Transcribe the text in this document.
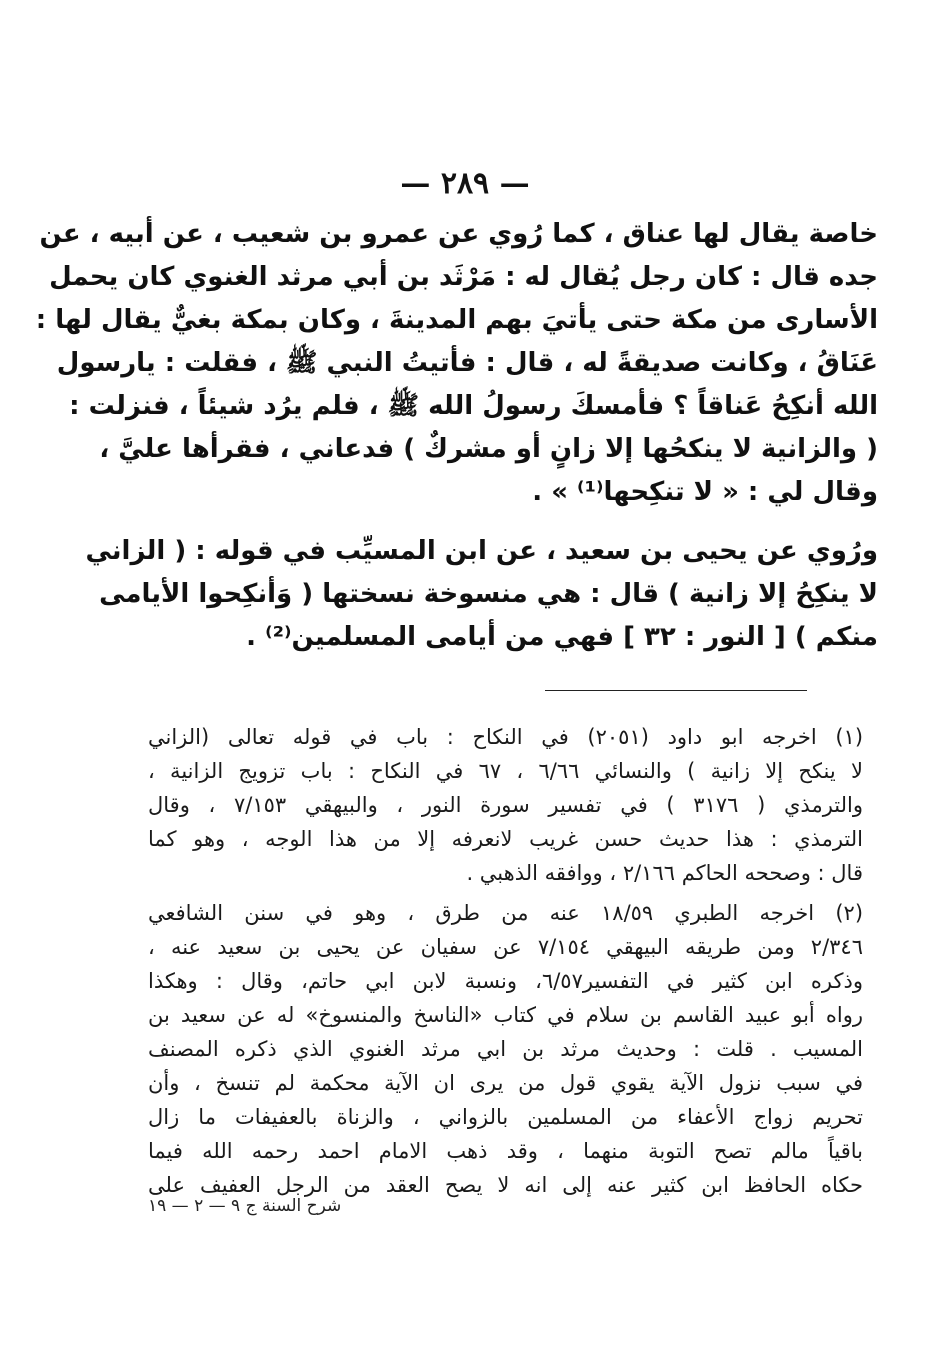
— ٢٨٩ —
خاصة يقال لها عناق ، كما رُوي عن عمرو بن شعيب ، عن أبيه ، عن
جده قال : كان رجل يُقال له : مَرْثَد بن أبي مرثد الغنوي كان يحمل
الأسارى من مكة حتى يأتيَ بهم المدينةَ ، وكان بمكة بغيٌّ يقال لها :
عَنَاقُ ، وكانت صديقةً له ، قال : فأتيتُ النبي ﷺ ، فقلت : يارسول
الله أنكِحُ عَناقاً ؟ فأمسكَ رسولُ الله ﷺ ، فلم يرُد شيئاً ، فنزلت :
( والزانية لا ينكحُها إلا زانٍ أو مشركٌ ) فدعاني ، فقرأها عليَّ ،
وقال لي : « لا تنكِحها⁽¹⁾ » .
ورُوي عن يحيى بن سعيد ، عن ابن المسيِّب في قوله : ( الزاني
لا ينكِحُ إلا زانية ) قال : هي منسوخة نسختها ( وَأنكِحوا الأيامى
منكم ) [ النور : ٣٢ ] فهي من أيامى المسلمين⁽²⁾ .
(١) اخرجه ابو داود (٢٠٥١) في النكاح : باب في قوله تعالى (الزاني
لا ينكح إلا زانية ) والنسائي ٦/٦٦ ، ٦٧ في النكاح : باب تزويج الزانية ،
والترمذي ( ٣١٧٦ ) في تفسير سورة النور ، والبيهقي ٧/١٥٣ ، وقال
الترمذي : هذا حديث حسن غريب لانعرفه إلا من هذا الوجه ، وهو كما
قال : وصححه الحاكم ٢/١٦٦ ، ووافقه الذهبي .
(٢) اخرجه الطبري ١٨/٥٩ عنه من طرق ، وهو في سنن الشافعي
٢/٣٤٦ ومن طريقه البيهقي ٧/١٥٤ عن سفيان عن يحيى بن سعيد عنه ،
وذكره ابن كثير في التفسير٦/٥٧، ونسبة لابن ابي حاتم، وقال : وهكذا
رواه أبو عبيد القاسم بن سلام في كتاب «الناسخ والمنسوخ» له عن سعيد بن
المسيب . قلت : وحديث مرثد بن ابي مرثد الغنوي الذي ذكره المصنف
في سبب نزول الآية يقوي قول من يرى ان الآية محكمة لم تنسخ ، وأن
تحريم زواج الأعفاء من المسلمين بالزواني ، والزناة بالعفيفات ما زال
باقياً مالم تصح التوبة منهما ، وقد ذهب الامام احمد رحمه الله فيما
حكاه الحافظ ابن كثير عنه إلى انه لا يصح العقد من الرجل العفيف على
شرح السنة ج ٩ — ٢ — ١٩
